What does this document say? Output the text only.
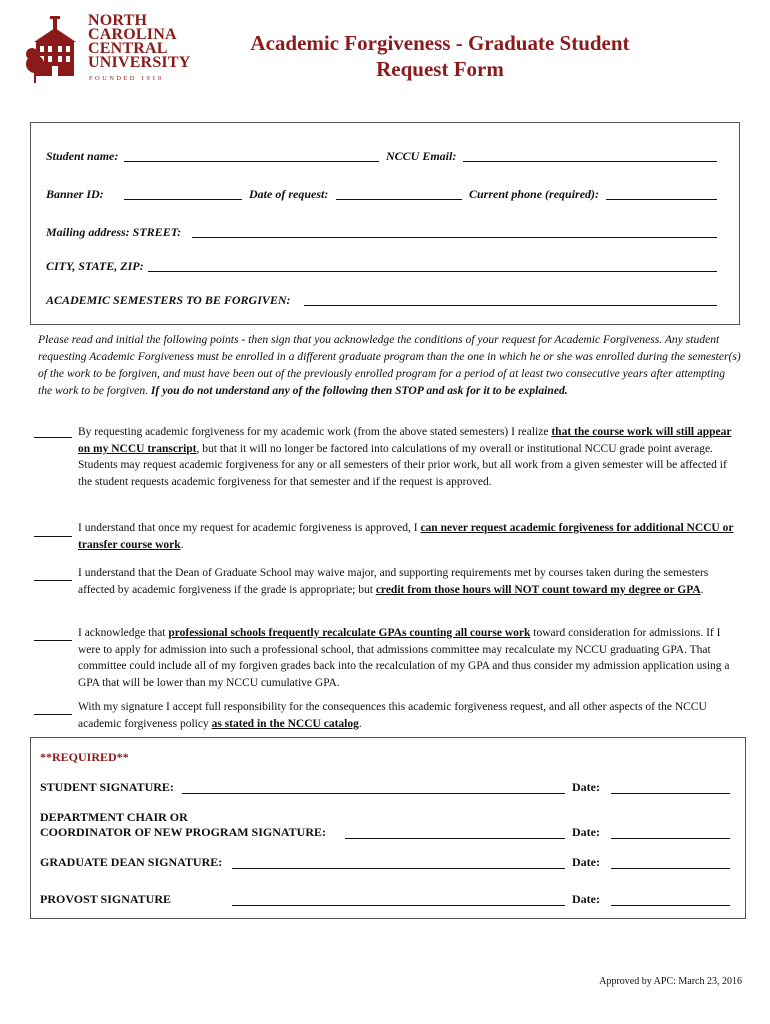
NORTH
CAROLINA
CENTRAL
UNIVERSITY
FOUNDED 1910
Academic Forgiveness - Graduate Student
Request Form
Student name:	NCCU Email:
Banner ID:	Date of request:	Current phone (required):
Mailing address: STREET:
CITY, STATE, ZIP:
ACADEMIC SEMESTERS TO BE FORGIVEN:
Please read and initial the following points - then sign that you acknowledge the conditions of your request for Academic Forgiveness. Any student requesting Academic Forgiveness must be enrolled in a different graduate program than the one in which he or she was enrolled during the semester(s) of the work to be forgiven, and must have been out of the previously enrolled program for a period of at least two consecutive years after attempting the work to be forgiven. If you do not understand any of the following then STOP and ask for it to be explained.
By requesting academic forgiveness for my academic work (from the above stated semesters) I realize that the course work will still appear on my NCCU transcript, but that it will no longer be factored into calculations of my overall or institutional NCCU grade point average.
Students may request academic forgiveness for any or all semesters of their prior work, but all work from a given semester will be affected if the student requests academic forgiveness for that semester and if the request is approved.
I understand that once my request for academic forgiveness is approved, I can never request academic forgiveness for additional NCCU or transfer course work.
I understand that the Dean of Graduate School may waive major, and supporting requirements met by courses taken during the semesters affected by academic forgiveness if the grade is appropriate; but credit from those hours will NOT count toward my degree or GPA.
I acknowledge that professional schools frequently recalculate GPAs counting all course work toward consideration for admissions. If I were to apply for admission into such a professional school, that admissions committee may recalculate my NCCU graduating GPA. That committee could include all of my forgiven grades back into the recalculation of my GPA and thus consider my admission application using a GPA that will be lower than my NCCU cumulative GPA.
With my signature I accept full responsibility for the consequences this academic forgiveness request, and all other aspects of the NCCU academic forgiveness policy as stated in the NCCU catalog.
**REQUIRED**
STUDENT SIGNATURE:	Date:
DEPARTMENT CHAIR OR
COORDINATOR OF NEW PROGRAM SIGNATURE:	Date:
GRADUATE DEAN SIGNATURE:	Date:
PROVOST SIGNATURE	Date:
Approved by APC: March 23, 2016
